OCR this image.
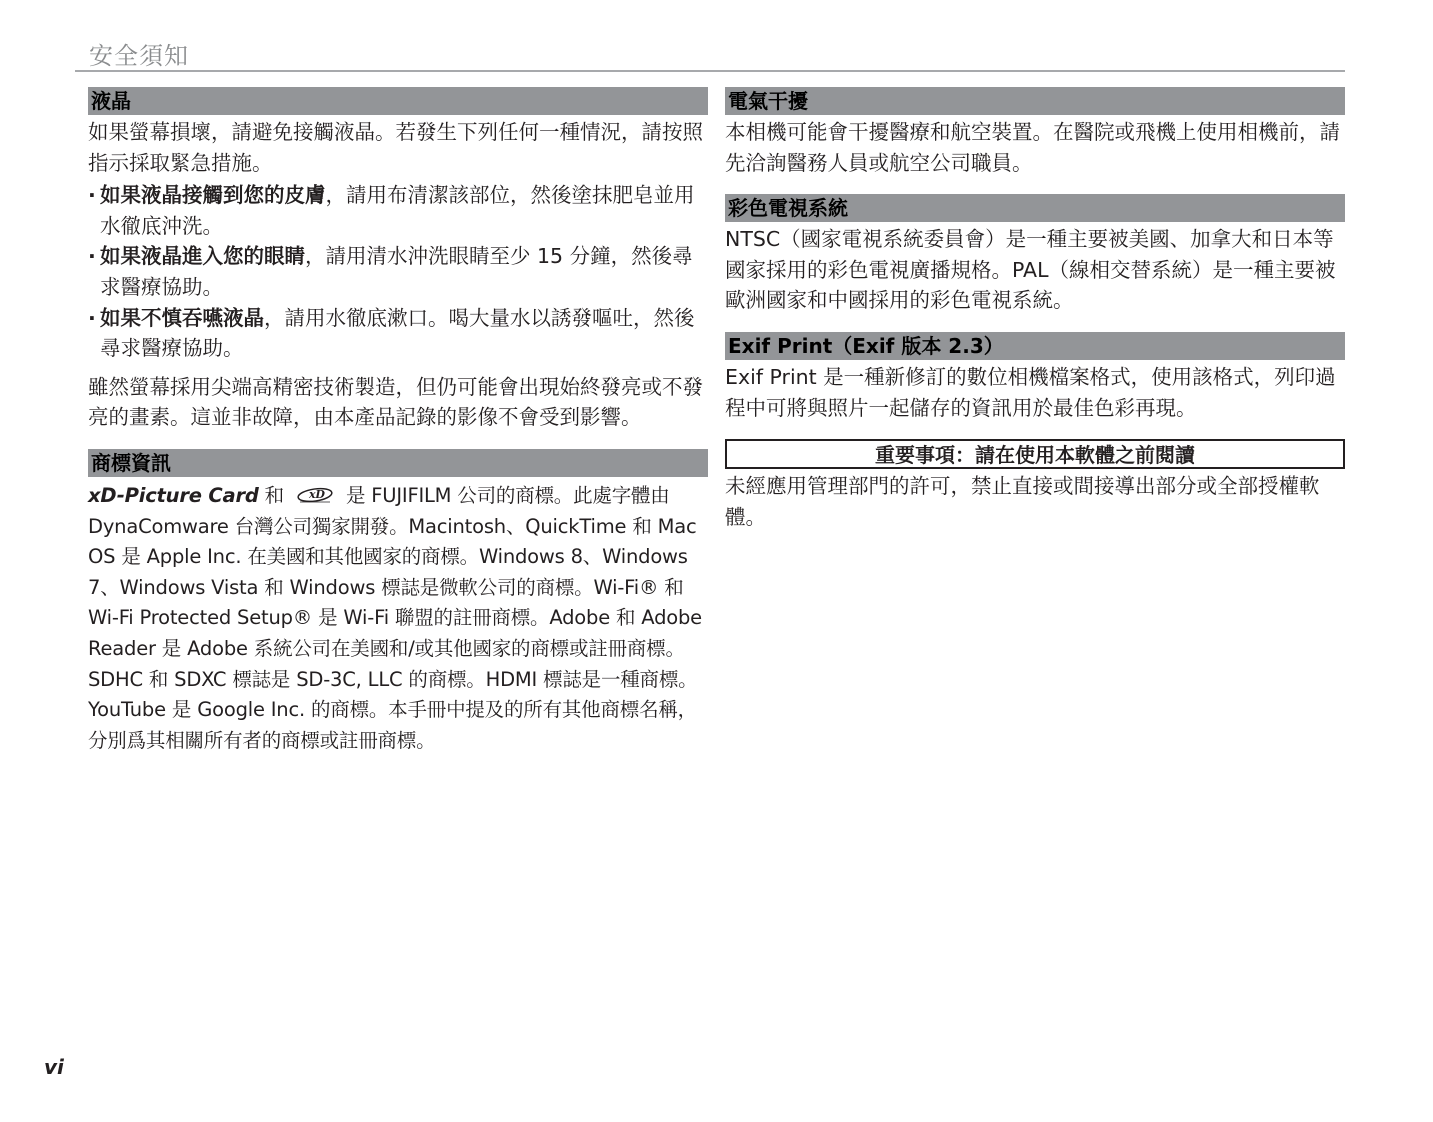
安全須知
液晶

如果螢幕損壞，請避免接觸液晶。若發生下列任何一種情況，請按照指示採取緊急措施。

· 如果液晶接觸到您的皮膚，請用布清潔該部位，然後塗抹肥皂並用水徹底沖洗。
· 如果液晶進入您的眼睛，請用清水沖洗眼睛至少 15 分鐘，然後尋求醫療協助。
· 如果不慎吞嚥液晶，請用水徹底漱口。喝大量水以誘發嘔吐，然後尋求醫療協助。

雖然螢幕採用尖端高精密技術製造，但仍可能會出現始終發亮或不發亮的畫素。這並非故障，由本產品記錄的影像不會受到影響。

商標資訊

xD-Picture Card 和 xD 是 FUJIFILM 公司的商標。此處字體由 DynaComware 台灣公司獨家開發。Macintosh、QuickTime 和 Mac OS 是 Apple Inc. 在美國和其他國家的商標。Windows 8、Windows 7、Windows Vista 和 Windows 標誌是微軟公司的商標。Wi-Fi® 和 Wi-Fi Protected Setup® 是 Wi-Fi 聯盟的註冊商標。Adobe 和 Adobe Reader 是 Adobe 系統公司在美國和/或其他國家的商標或註冊商標。SDHC 和 SDXC 標誌是 SD-3C, LLC 的商標。HDMI 標誌是一種商標。YouTube 是 Google Inc. 的商標。本手冊中提及的所有其他商標名稱，分別爲其相關所有者的商標或註冊商標。

電氣干擾

本相機可能會干擾醫療和航空裝置。在醫院或飛機上使用相機前，請先洽詢醫務人員或航空公司職員。

彩色電視系統

NTSC（國家電視系統委員會）是一種主要被美國、加拿大和日本等國家採用的彩色電視廣播規格。PAL（線相交替系統）是一種主要被歐洲國家和中國採用的彩色電視系統。

Exif Print（Exif 版本 2.3）

Exif Print 是一種新修訂的數位相機檔案格式，使用該格式，列印過程中可將與照片一起儲存的資訊用於最佳色彩再現。

重要事項：請在使用本軟體之前閱讀

未經應用管理部門的許可，禁止直接或間接導出部分或全部授權軟體。

vi
